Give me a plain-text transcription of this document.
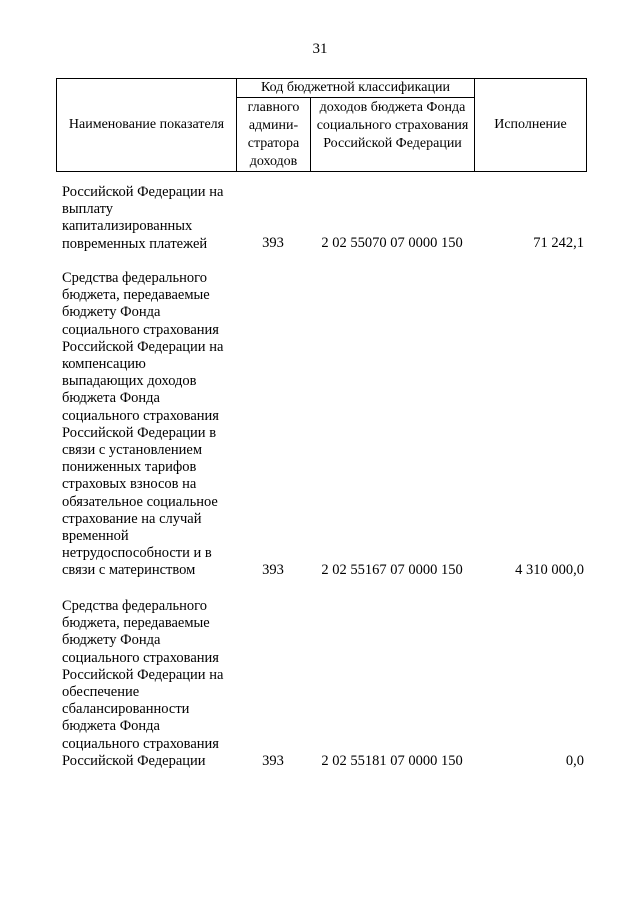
31
Наименование показателя	Код бюджетной классификации		Исполнение
	главного админи-стратора доходов	доходов бюджета Фонда социального страхования Российской Федерации	
Российской Федерации на
выплату
капитализированных
повременных платежей	393	2 02 55070 07 0000 150	71 242,1
Средства федерального
бюджета, передаваемые
бюджету Фонда
социального страхования
Российской Федерации на
компенсацию
выпадающих доходов
бюджета Фонда
социального страхования
Российской Федерации в
связи с установлением
пониженных тарифов
страховых взносов на
обязательное социальное
страхование на случай
временной
нетрудоспособности и в
связи с материнством	393	2 02 55167 07 0000 150	4 310 000,0
Средства федерального
бюджета, передаваемые
бюджету Фонда
социального страхования
Российской Федерации на
обеспечение
сбалансированности
бюджета Фонда
социального страхования
Российской Федерации	393	2 02 55181 07 0000 150	0,0
